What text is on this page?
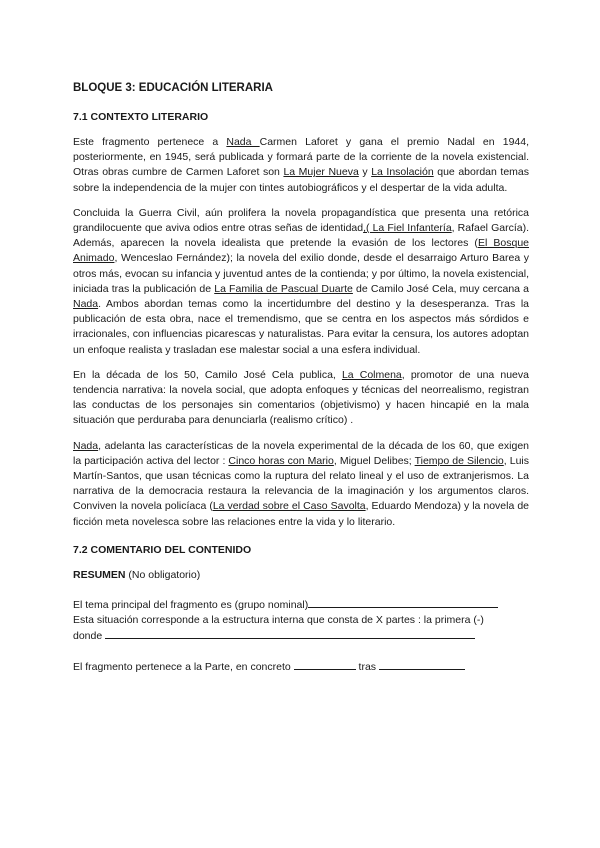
BLOQUE 3: EDUCACIÓN LITERARIA
7.1 CONTEXTO LITERARIO

Este fragmento pertenece a Nada Carmen Laforet y gana el premio Nadal en 1944, posteriormente, en 1945, será publicada y formará parte de la corriente de la novela existencial. Otras obras cumbre de Carmen Laforet son La Mujer Nueva y La Insolación que abordan temas sobre la independencia de la mujer con tintes autobiográficos y el despertar de la vida adulta.

Concluida la Guerra Civil, aún prolifera la novela propagandística que presenta una retórica grandilocuente que aviva odios entre otras señas de identidad,( La Fiel Infantería, Rafael García). Además, aparecen la novela idealista que pretende la evasión de los lectores (El Bosque Animado, Wenceslao Fernández); la novela del exilio donde, desde el desarraigo Arturo Barea y otros más, evocan su infancia y juventud antes de la contienda; y por último, la novela existencial, iniciada tras la publicación de La Familia de Pascual Duarte de Camilo José Cela, muy cercana a Nada. Ambos abordan temas como la incertidumbre del destino y la desesperanza. Tras la publicación de esta obra, nace el tremendismo, que se centra en los aspectos más sórdidos e irracionales, con influencias picarescas y naturalistas. Para evitar la censura, los autores adoptan un enfoque realista y trasladan ese malestar social a una esfera individual.

En la década de los 50, Camilo José Cela publica, La Colmena, promotor de una nueva tendencia narrativa: la novela social, que adopta enfoques y técnicas del neorrealismo, registran las conductas de los personajes sin comentarios (objetivismo) y hacen hincapié en la mala situación que perduraba para denunciarla (realismo crítico) .

Nada, adelanta las características de la novela experimental de la década de los 60, que exigen la participación activa del lector : Cinco horas con Mario, Miguel Delibes; Tiempo de Silencio, Luis Martín-Santos, que usan técnicas como la ruptura del relato lineal y el uso de extranjerismos. La narrativa de la democracia restaura la relevancia de la imaginación y los argumentos claros. Conviven la novela policíaca (La verdad sobre el Caso Savolta, Eduardo Mendoza) y la novela de ficción meta novelesca sobre las relaciones entre la vida y lo literario.

7.2 COMENTARIO DEL CONTENIDO

RESUMEN (No obligatorio)

El tema principal del fragmento es (grupo nominal)

Esta situación corresponde a la estructura interna que consta de X partes : la primera (-)

donde

El fragmento pertenece a la Parte, en concreto	tras
